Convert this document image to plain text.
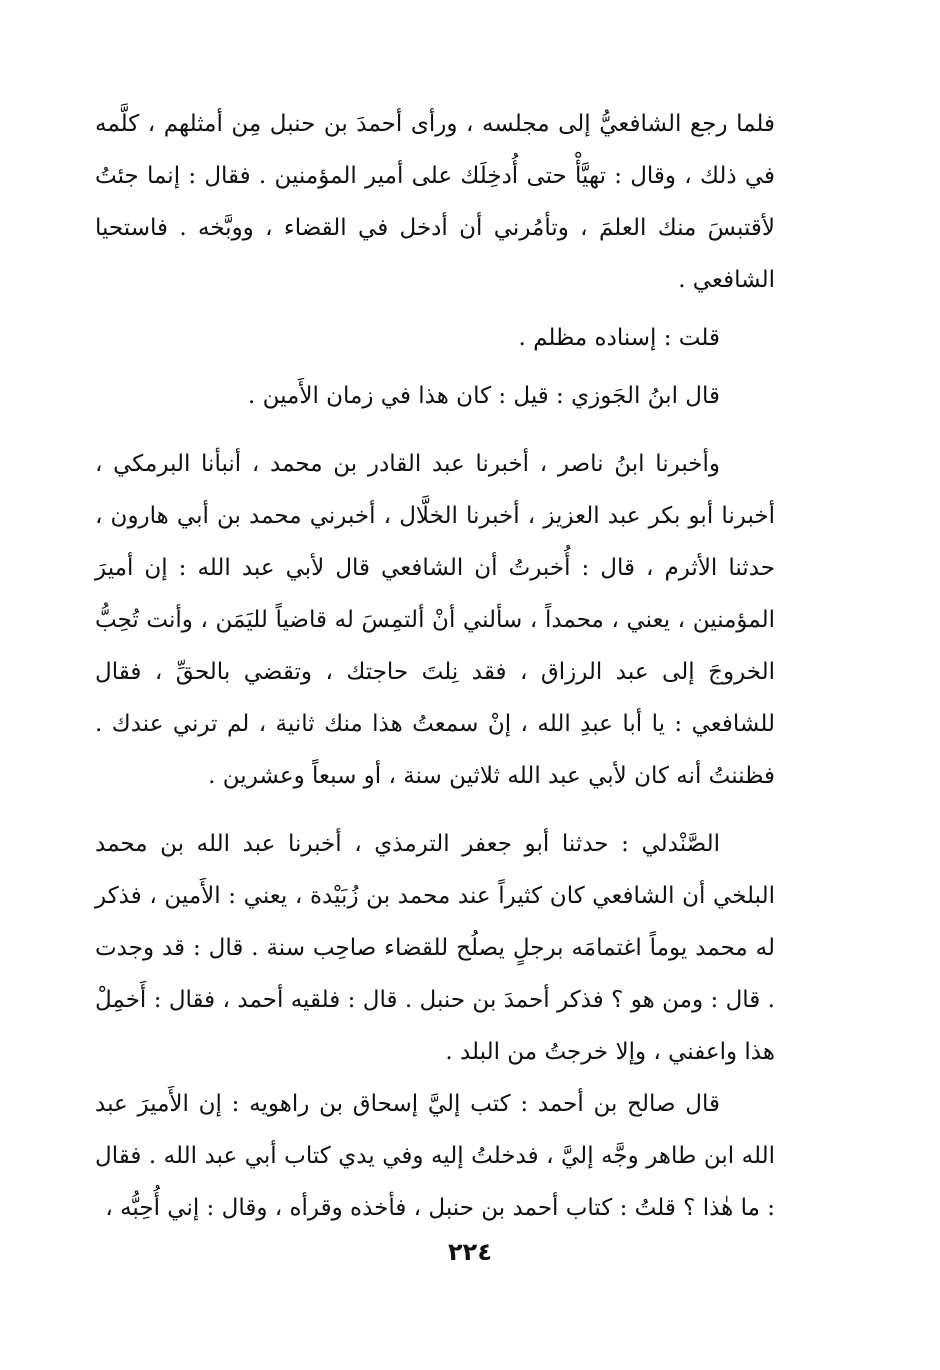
فلما رجع الشافعيُّ إلى مجلسه ، ورأى أحمدَ بن حنبل مِن أمثلهم ، كلَّمه في ذلك ، وقال : تهيَّأْ حتى أُدخِلَك على أمير المؤمنين . فقال : إنما جئتُ لأقتبسَ منك العلمَ ، وتأمُرني أن أدخل في القضاء ، ووبَّخه . فاستحيا الشافعي .

قلت : إسناده مظلم .

قال ابنُ الجَوزي : قيل : كان هذا في زمان الأَمين .

وأخبرنا ابنُ ناصر ، أخبرنا عبد القادر بن محمد ، أنبأنا البرمكي ، أخبرنا أبو بكر عبد العزيز ، أخبرنا الخلَّال ، أخبرني محمد بن أبي هارون ، حدثنا الأثرم ، قال : أُخبرتُ أن الشافعي قال لأبي عبد الله : إن أميرَ المؤمنين ، يعني ، محمداً ، سألني أنْ ألتمِسَ له قاضياً لليَمَن ، وأنت تُحِبُّ الخروجَ إلى عبد الرزاق ، فقد نِلتَ حاجتك ، وتقضي بالحقِّ ، فقال للشافعي : يا أبا عبدِ الله ، إنْ سمعتُ هذا منك ثانية ، لم ترني عندك . فظننتُ أنه كان لأبي عبد الله ثلاثين سنة ، أو سبعاً وعشرين .

الصَّنْدلي : حدثنا أبو جعفر الترمذي ، أخبرنا عبد الله بن محمد البلخي أن الشافعي كان كثيراً عند محمد بن زُبَيْدة ، يعني : الأَمين ، فذكر له محمد يوماً اغتمامَه برجلٍ يصلُح للقضاء صاحِب سنة . قال : قد وجدت . قال : ومن هو ؟ فذكر أحمدَ بن حنبل . قال : فلقيه أحمد ، فقال : أَخمِلْ هذا واعفني ، وإلا خرجتُ من البلد .

قال صالح بن أحمد : كتب إليَّ إسحاق بن راهويه : إن الأَميرَ عبد الله ابن طاهر وجَّه إليَّ ، فدخلتُ إليه وفي يدي كتاب أبي عبد الله . فقال : ما هٰذا ؟ قلتُ : كتاب أحمد بن حنبل ، فأخذه وقرأه ، وقال : إني أُحِبُّه ،

٢٢٤
